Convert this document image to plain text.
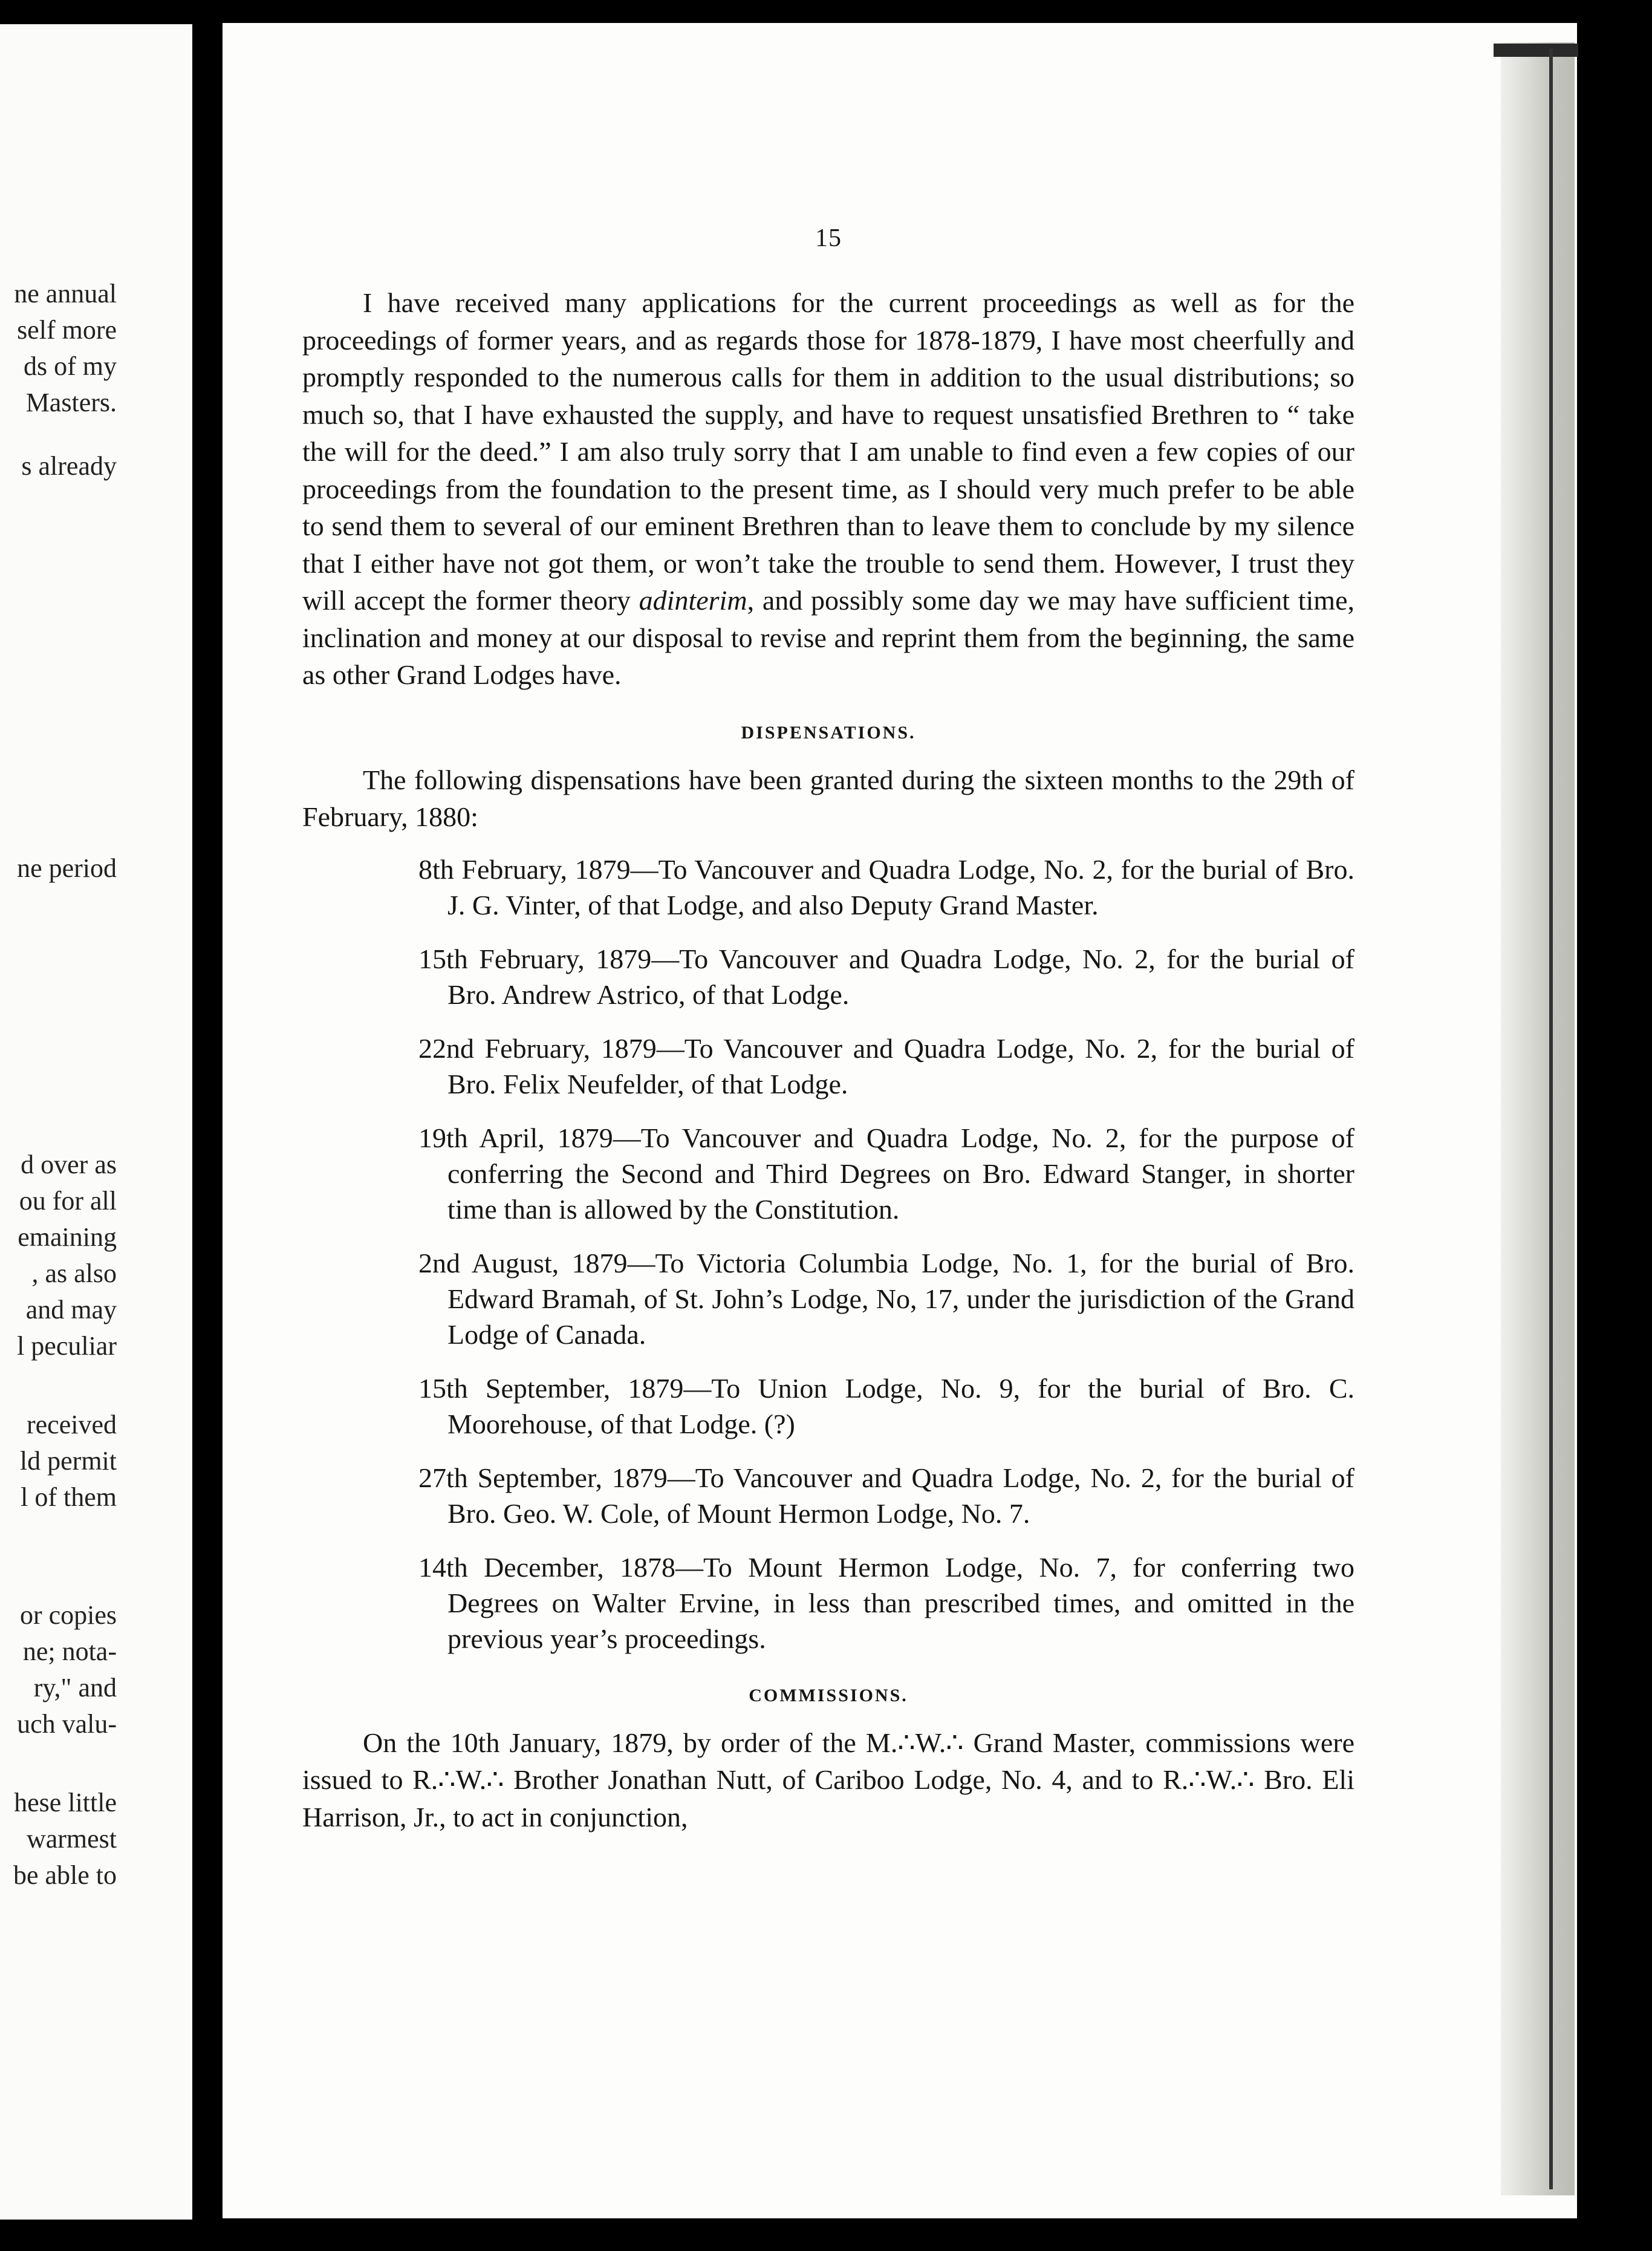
ne annual
self more
ds of my
Masters.
s already
ne period
d over as
ou for all
emaining
, as also
and may
l peculiar
received
ld permit
l of them
or copies
ne; nota-
ry," and
uch valu-
hese little
warmest
be able to
15

I have received many applications for the current proceedings as well as for the proceedings of former years, and as regards those for 1878-1879, I have most cheerfully and promptly responded to the numerous calls for them in addition to the usual distributions; so much so, that I have exhausted the supply, and have to request unsatisfied Brethren to “ take the will for the deed.” I am also truly sorry that I am unable to find even a few copies of our proceedings from the foundation to the present time, as I should very much prefer to be able to send them to several of our eminent Brethren than to leave them to conclude by my silence that I either have not got them, or won’t take the trouble to send them. However, I trust they will accept the former theory adinterim, and possibly some day we may have sufficient time, inclination and money at our disposal to revise and reprint them from the beginning, the same as other Grand Lodges have.

DISPENSATIONS.

The following dispensations have been granted during the sixteen months to the 29th of February, 1880:

8th February, 1879—To Vancouver and Quadra Lodge, No. 2, for the burial of Bro. J. G. Vinter, of that Lodge, and also Deputy Grand Master.

15th February, 1879—To Vancouver and Quadra Lodge, No. 2, for the burial of Bro. Andrew Astrico, of that Lodge.

22nd February, 1879—To Vancouver and Quadra Lodge, No. 2, for the burial of Bro. Felix Neufelder, of that Lodge.

19th April, 1879—To Vancouver and Quadra Lodge, No. 2, for the purpose of conferring the Second and Third Degrees on Bro. Edward Stanger, in shorter time than is allowed by the Constitution.

2nd August, 1879—To Victoria Columbia Lodge, No. 1, for the burial of Bro. Edward Bramah, of St. John’s Lodge, No, 17, under the jurisdiction of the Grand Lodge of Canada.

15th September, 1879—To Union Lodge, No. 9, for the burial of Bro. C. Moorehouse, of that Lodge. (?)

27th September, 1879—To Vancouver and Quadra Lodge, No. 2, for the burial of Bro. Geo. W. Cole, of Mount Hermon Lodge, No. 7.

14th December, 1878—To Mount Hermon Lodge, No. 7, for conferring two Degrees on Walter Ervine, in less than prescribed times, and omitted in the previous year’s proceedings.

COMMISSIONS.

On the 10th January, 1879, by order of the M.∴W.∴ Grand Master, commissions were issued to R.∴W.∴ Brother Jonathan Nutt, of Cariboo Lodge, No. 4, and to R.∴W.∴ Bro. Eli Harrison, Jr., to act in conjunction,
